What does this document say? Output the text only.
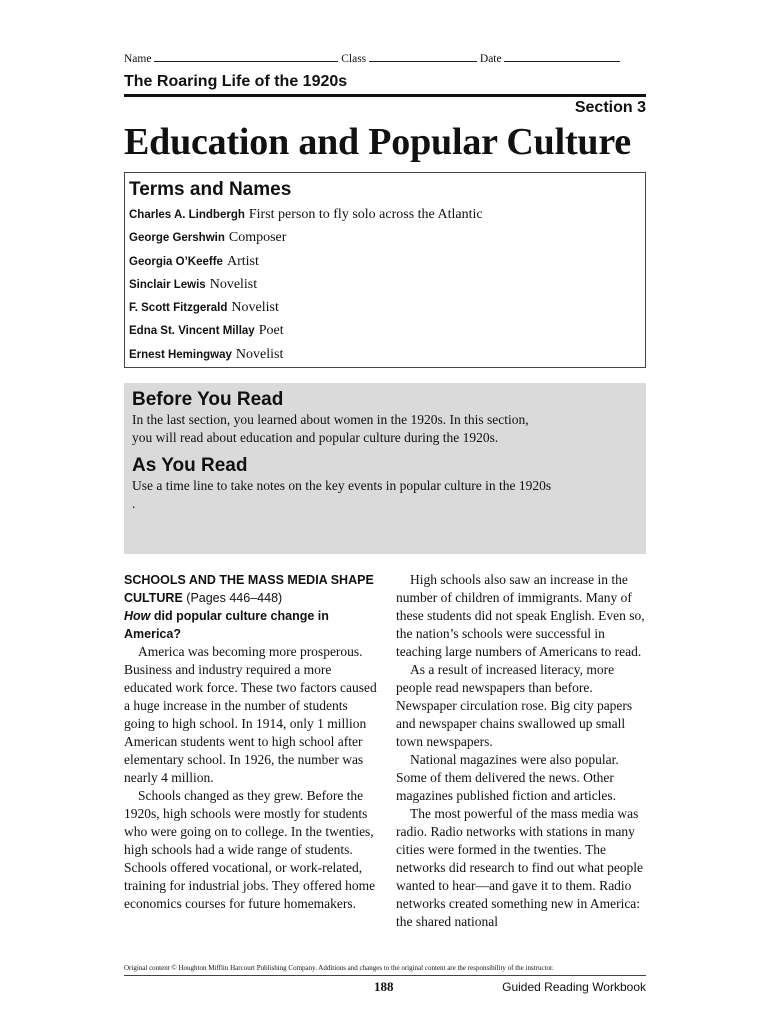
Name	Class	Date
The Roaring Life of the 1920s
Section 3
Education and Popular Culture
Terms and Names
Charles A. Lindbergh First person to fly solo across the Atlantic
George Gershwin Composer
Georgia O’Keeffe Artist
Sinclair Lewis Novelist
F. Scott Fitzgerald Novelist
Edna St. Vincent Millay Poet
Ernest Hemingway Novelist
Before You Read

In the last section, you learned about women in the 1920s. In this section, you will read about education and popular culture during the 1920s.

As You Read

Use a time line to take notes on the key events in popular culture in the 1920s .

SCHOOLS AND THE MASS MEDIA SHAPE CULTURE (Pages 446–448)
How did popular culture change in America?

America was becoming more prosperous. Business and industry required a more educated work force. These two factors caused a huge increase in the number of students going to high school. In 1914, only 1 million American students went to high school after elementary school. In 1926, the number was nearly 4 million.

Schools changed as they grew. Before the 1920s, high schools were mostly for students who were going on to college. In the twenties, high schools had a wide range of students. Schools offered vocational, or work-related, training for industrial jobs. They offered home economics courses for future homemakers.

High schools also saw an increase in the number of children of immigrants. Many of these students did not speak English. Even so, the nation’s schools were successful in teaching large numbers of Americans to read.

As a result of increased literacy, more people read newspapers than before. Newspaper circulation rose. Big city papers and newspaper chains swallowed up small town newspapers.

National magazines were also popular. Some of them delivered the news. Other magazines published fiction and articles.

The most powerful of the mass media was radio. Radio networks with stations in many cities were formed in the twenties. The networks did research to find out what people wanted to hear—and gave it to them. Radio networks created something new in America: the shared national

Original content © Houghton Mifflin Harcourt Publishing Company. Additions and changes to the original content are the responsibility of the instructor.
188	Guided Reading Workbook
